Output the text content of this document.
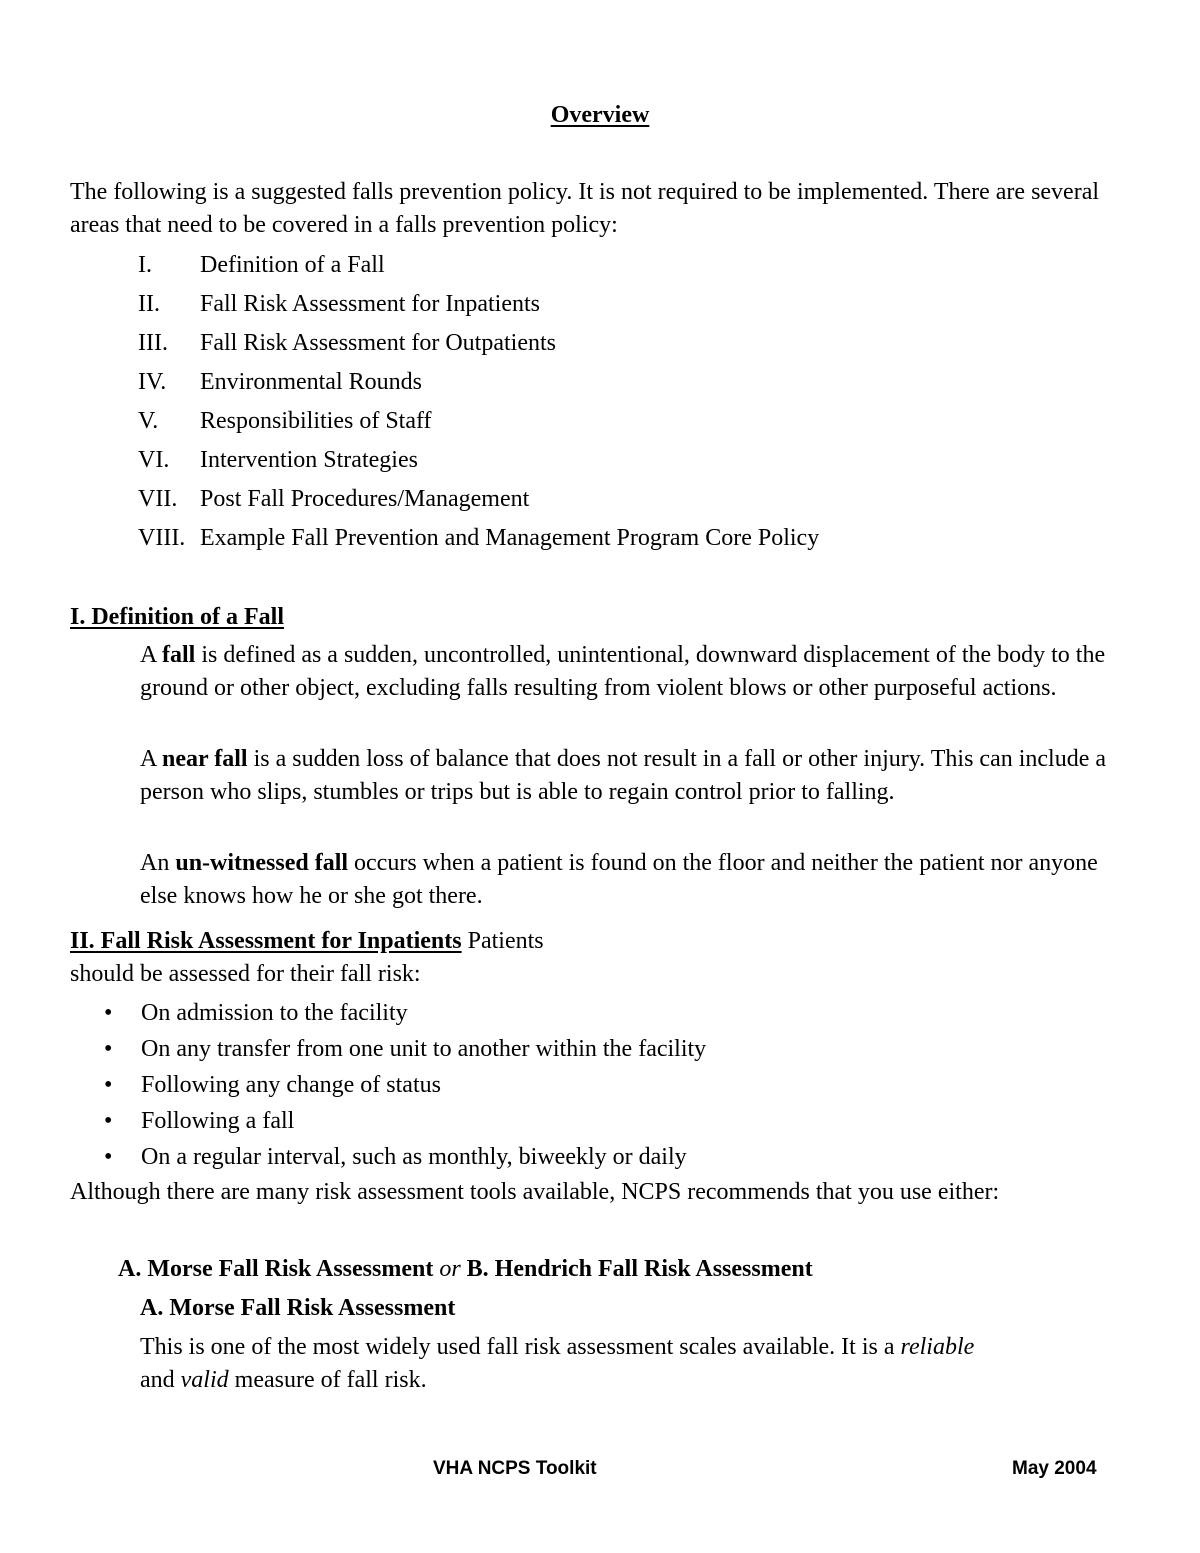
Overview
The following is a suggested falls prevention policy. It is not required to be implemented. There are several areas that need to be covered in a falls prevention policy:
I. Definition of a Fall
II. Fall Risk Assessment for Inpatients
III. Fall Risk Assessment for Outpatients
IV. Environmental Rounds
V. Responsibilities of Staff
VI. Intervention Strategies
VII. Post Fall Procedures/Management
VIII. Example Fall Prevention and Management Program Core Policy
I. Definition of a Fall
A fall is defined as a sudden, uncontrolled, unintentional, downward displacement of the body to the ground or other object, excluding falls resulting from violent blows or other purposeful actions.
A near fall is a sudden loss of balance that does not result in a fall or other injury. This can include a person who slips, stumbles or trips but is able to regain control prior to falling.
An un-witnessed fall occurs when a patient is found on the floor and neither the patient nor anyone else knows how he or she got there.
II. Fall Risk Assessment for Inpatients Patients
should be assessed for their fall risk:
• On admission to the facility
• On any transfer from one unit to another within the facility
• Following any change of status
• Following a fall
• On a regular interval, such as monthly, biweekly or daily
Although there are many risk assessment tools available, NCPS recommends that you use either:
A. Morse Fall Risk Assessment or B. Hendrich Fall Risk Assessment
A. Morse Fall Risk Assessment
This is one of the most widely used fall risk assessment scales available. It is a reliable
and valid measure of fall risk.
VHA NCPS Toolkit	May 2004
